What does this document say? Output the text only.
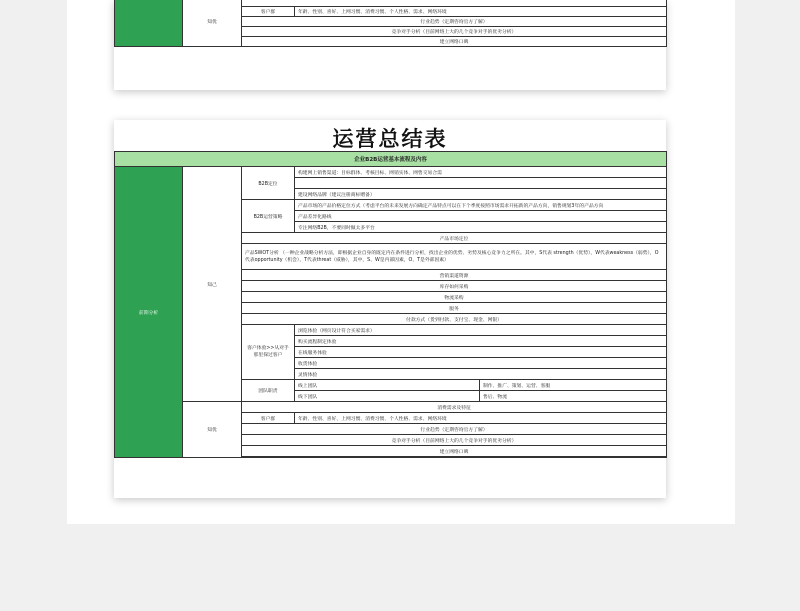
	知优		
		客户群	年龄、性别、喜好、上网习惯、消费习惯、个人性格、需求、网络环境
		行业趋势（定期咨询官方了解）	
		竞争对手分析（目前网络上大的几个竞争对手的优劣分析）	
		建立网络口碑	
运营总结表
企业B2B运营基本流程及内容				
前期分析	知己	B2B定位	构建网上销售渠道：目标群体、考核目标、网销实体、网售交易合需	

			建设网络品牌（建议注册商标赠备）	
		B2B运营策略	产品市场的产品价格定位方式（考虑平台的未来发展方向确定产品特点可以在下个季度按照市场需求开拓新的产品方向，销售规划3年的产品方向	
			产品差异化路线	
			专注网络B2B，不要同时做太多平台	
		产品市场定位		
		产品SWOT分析 （一种企业战略分析方法，即根据企业自身的既定内在条件进行分析，找出企业的优势、劣势及核心竞争力之所在。其中，S代表 strength（优势），W代表weakness（弱势），O代表opportunity（机会），T代表threat（威胁），其中，S、W是内部因素，O、T是外部因素）		
		营销渠道资源		
		库存如何采购		
		物流采购		
		服务		
		付款方式（货到付款、支付宝、现金、网银）		
		客户体验>>从对手那里探过客户	浏览体验（网页设计符合买家需求）	
			购买流程制定体验	
			在线服务体验	
			收货体验	
			灵情体验	
		团队职责	线上团队	制作、推广、策划、运营、客服
			线下团队	售后、物流
	知优	消费需求及特征		
		客户群	年龄、性别、喜好、上网习惯、消费习惯、个人性格、需求、网络环境	
		行业趋势（定期咨询官方了解）		
		竞争对手分析（目前网络上大的几个竞争对手的优劣分析）		
		建立网络口碑		
